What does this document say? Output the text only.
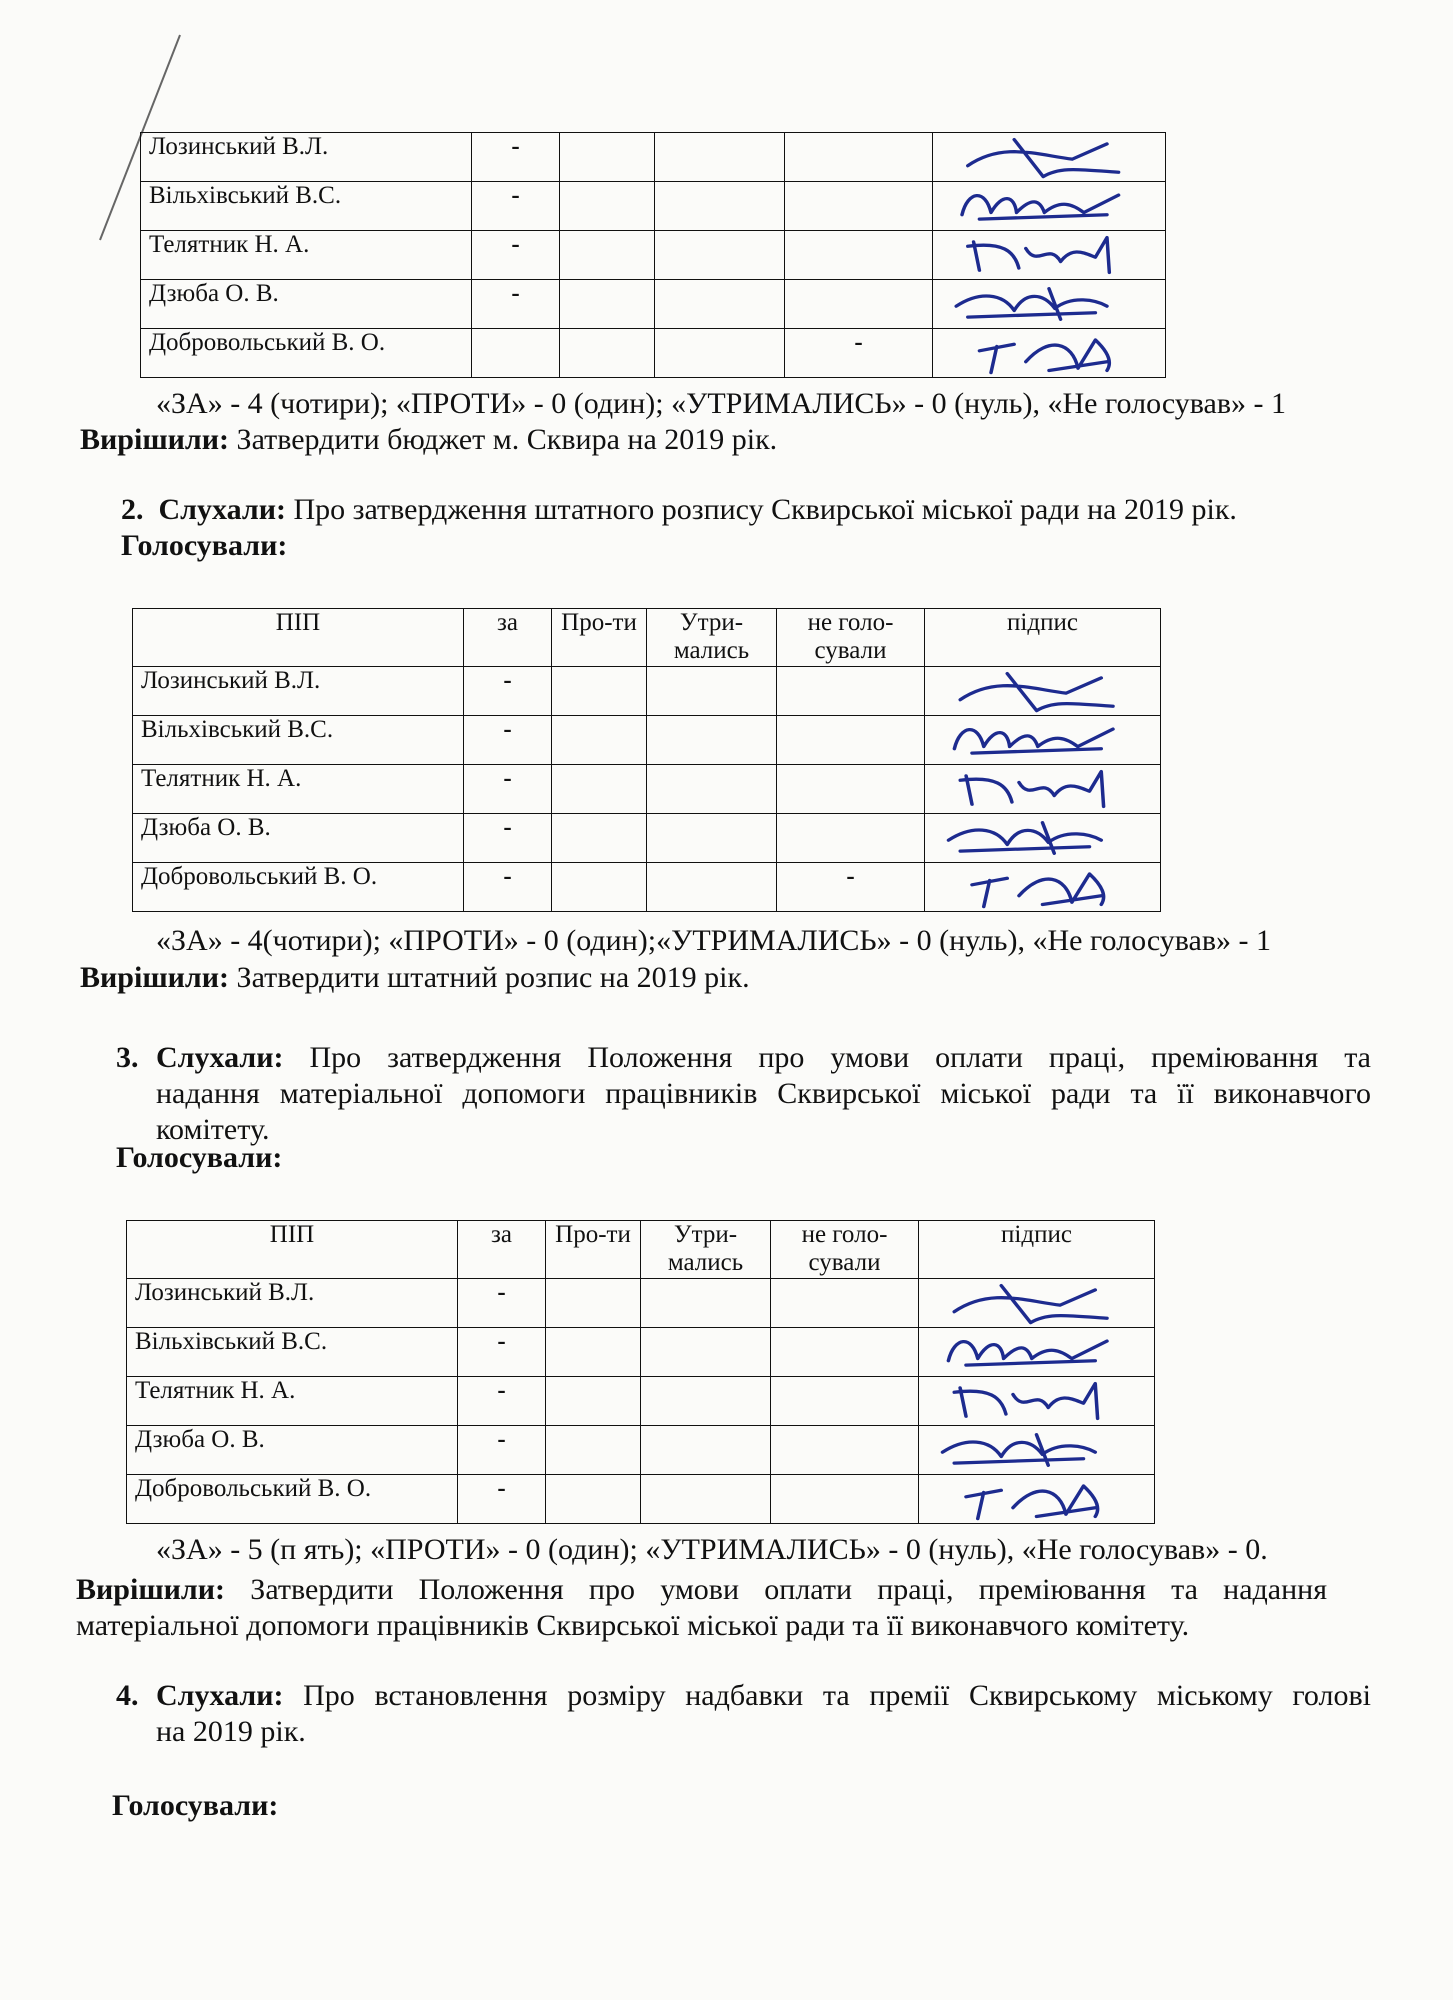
Лозинський В.Л.	-				

Вільхівський В.С.	-				

Телятник Н. А.	-				

Дзюба О. В.	-				

Добровольський В. О.				-	
«ЗА» - 4 (чотири); «ПРОТИ» - 0 (один); «УТРИМАЛИСЬ» - 0 (нуль), «Не голосував» - 1
Вирішили: Затвердити бюджет м. Сквира на 2019 рік.
2. Слухали: Про затвердження штатного розпису Сквирської міської ради на 2019 рік.
Голосували:
ПІП	за	Про-ти	Утри-мались	не голо-сували	підпис
Лозинський В.Л.	-				

Вільхівський В.С.	-				

Телятник Н. А.	-				

Дзюба О. В.	-				

Добровольський В. О.	-			-	
«ЗА» - 4(чотири); «ПРОТИ» - 0 (один);«УТРИМАЛИСЬ» - 0 (нуль), «Не голосував» - 1
Вирішили: Затвердити штатний розпис на 2019 рік.
3. Слухали: Про затвердження Положення про умови оплати праці, преміювання та
надання матеріальної допомоги працівників Сквирської міської ради та її виконавчого
комітету.
Голосували:
ПІП	за	Про-ти	Утри-мались	не голо-сували	підпис
Лозинський В.Л.	-				

Вільхівський В.С.	-				

Телятник Н. А.	-				

Дзюба О. В.	-				

Добровольський В. О.	-				
«ЗА» - 5 (п ять); «ПРОТИ» - 0 (один); «УТРИМАЛИСЬ» - 0 (нуль), «Не голосував» - 0.
Вирішили: Затвердити Положення про умови оплати праці, преміювання та надання
матеріальної допомоги працівників Сквирської міської ради та її виконавчого комітету.
4. Слухали: Про встановлення розміру надбавки та премії Сквирському міському голові
на 2019 рік.
Голосували:
